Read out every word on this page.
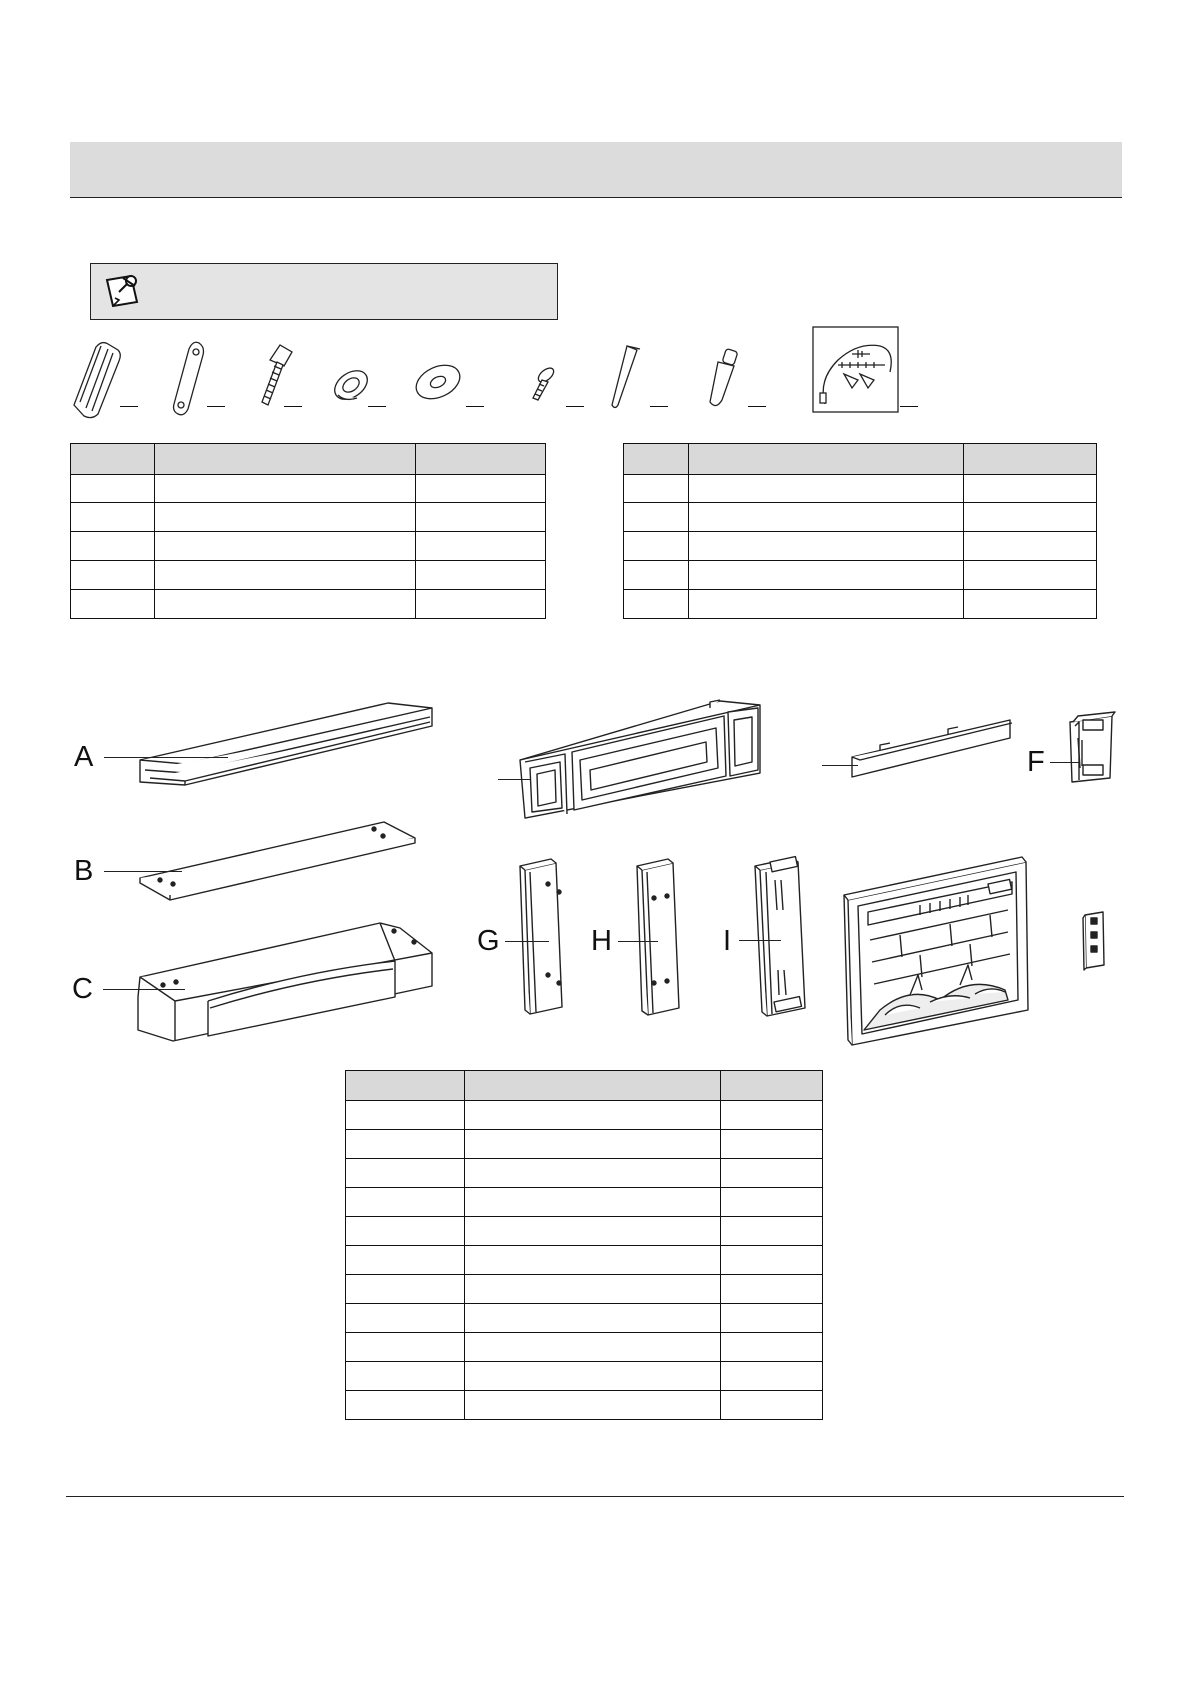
A
B
C
F
G	H	I
